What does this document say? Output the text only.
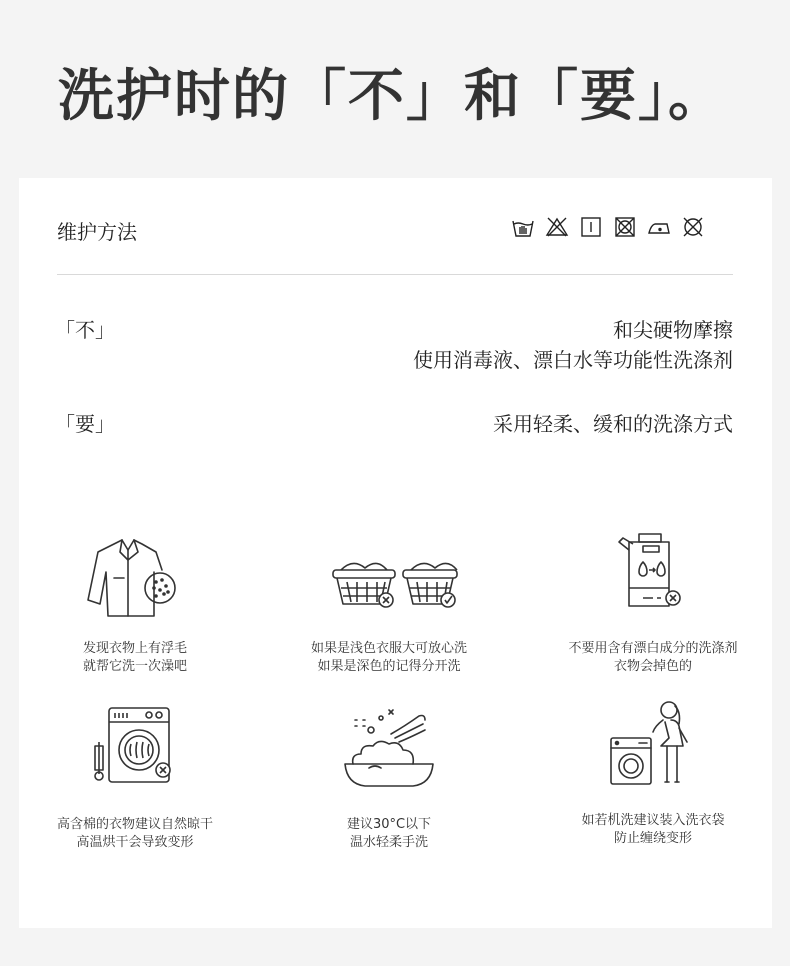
洗护时的「不」和「要」。
维护方法
「不」	和尖硬物摩擦
使用消毒液、漂白水等功能性洗涤剂
「要」	采用轻柔、缓和的洗涤方式
发现衣物上有浮毛
就帮它洗一次澡吧
如果是浅色衣服大可放心洗
如果是深色的记得分开洗
不要用含有漂白成分的洗涤剂
衣物会掉色的
高含棉的衣物建议自然晾干
高温烘干会导致变形
建议30°C以下
温水轻柔手洗
如若机洗建议装入洗衣袋
防止缠绕变形
